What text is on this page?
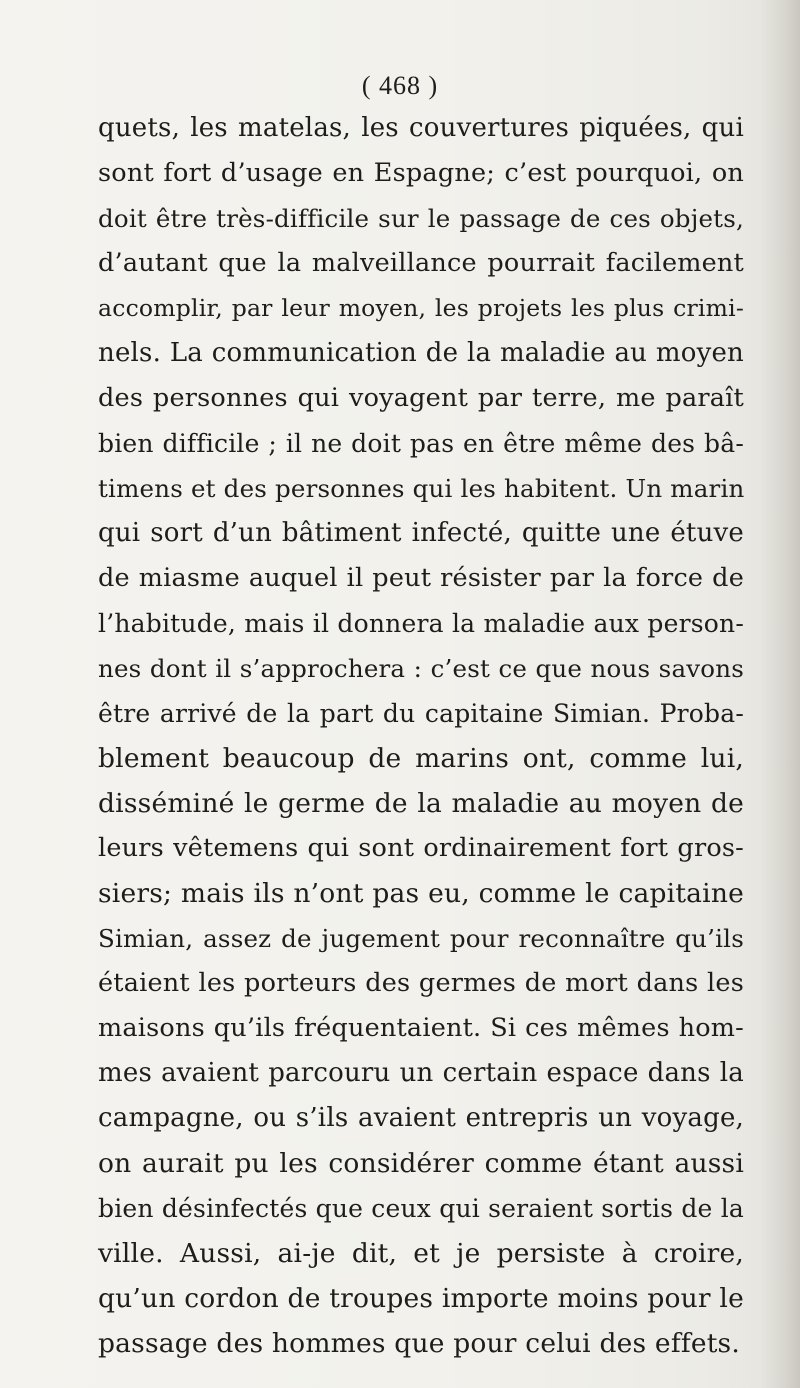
( 468 )
quets, les matelas, les couvertures piquées, qui
sont fort d’usage en Espagne; c’est pourquoi, on
doit être très-difficile sur le passage de ces objets,
d’autant que la malveillance pourrait facilement
accomplir, par leur moyen, les projets les plus crimi-
nels. La communication de la maladie au moyen
des personnes qui voyagent par terre, me paraît
bien difficile ; il ne doit pas en être même des bâ-
timens et des personnes qui les habitent. Un marin
qui sort d’un bâtiment infecté, quitte une étuve
de miasme auquel il peut résister par la force de
l’habitude, mais il donnera la maladie aux person-
nes dont il s’approchera : c’est ce que nous savons
être arrivé de la part du capitaine Simian. Proba-
blement beaucoup de marins ont, comme lui,
disséminé le germe de la maladie au moyen de
leurs vêtemens qui sont ordinairement fort gros-
siers; mais ils n’ont pas eu, comme le capitaine
Simian, assez de jugement pour reconnaître qu’ils
étaient les porteurs des germes de mort dans les
maisons qu’ils fréquentaient. Si ces mêmes hom-
mes avaient parcouru un certain espace dans la
campagne, ou s’ils avaient entrepris un voyage,
on aurait pu les considérer comme étant aussi
bien désinfectés que ceux qui seraient sortis de la
ville. Aussi, ai-je dit, et je persiste à croire,
qu’un cordon de troupes importe moins pour le
passage des hommes que pour celui des effets.
